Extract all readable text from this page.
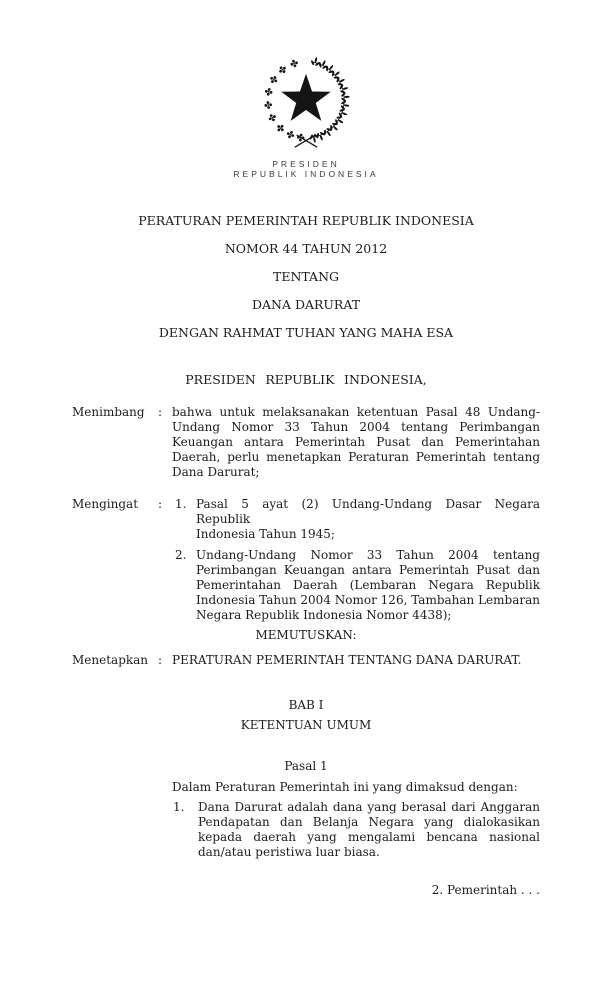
PRESIDEN
REPUBLIK INDONESIA
PERATURAN PEMERINTAH REPUBLIK INDONESIA
NOMOR 44 TAHUN 2012
TENTANG
DANA DARURAT
DENGAN RAHMAT TUHAN YANG MAHA ESA
PRESIDEN REPUBLIK INDONESIA,
Menimbang	: bahwa untuk melaksanakan ketentuan Pasal 48 Undang-
Undang Nomor 33 Tahun 2004 tentang Perimbangan
Keuangan antara Pemerintah Pusat dan Pemerintahan
Daerah, perlu menetapkan Peraturan Pemerintah tentang
Dana Darurat;
Mengingat	:	1. Pasal 5 ayat (2) Undang-Undang Dasar Negara Republik
Indonesia Tahun 1945;
2. Undang-Undang Nomor 33 Tahun 2004 tentang
Perimbangan Keuangan antara Pemerintah Pusat dan
Pemerintahan Daerah (Lembaran Negara Republik
Indonesia Tahun 2004 Nomor 126, Tambahan Lembaran
Negara Republik Indonesia Nomor 4438);
MEMUTUSKAN:
Menetapkan : PERATURAN PEMERINTAH TENTANG DANA DARURAT.
BAB I
KETENTUAN UMUM
Pasal 1
Dalam Peraturan Pemerintah ini yang dimaksud dengan:
1.	Dana Darurat adalah dana yang berasal dari Anggaran
Pendapatan dan Belanja Negara yang dialokasikan
kepada daerah yang mengalami bencana nasional
dan/atau peristiwa luar biasa.
2. Pemerintah . . .
